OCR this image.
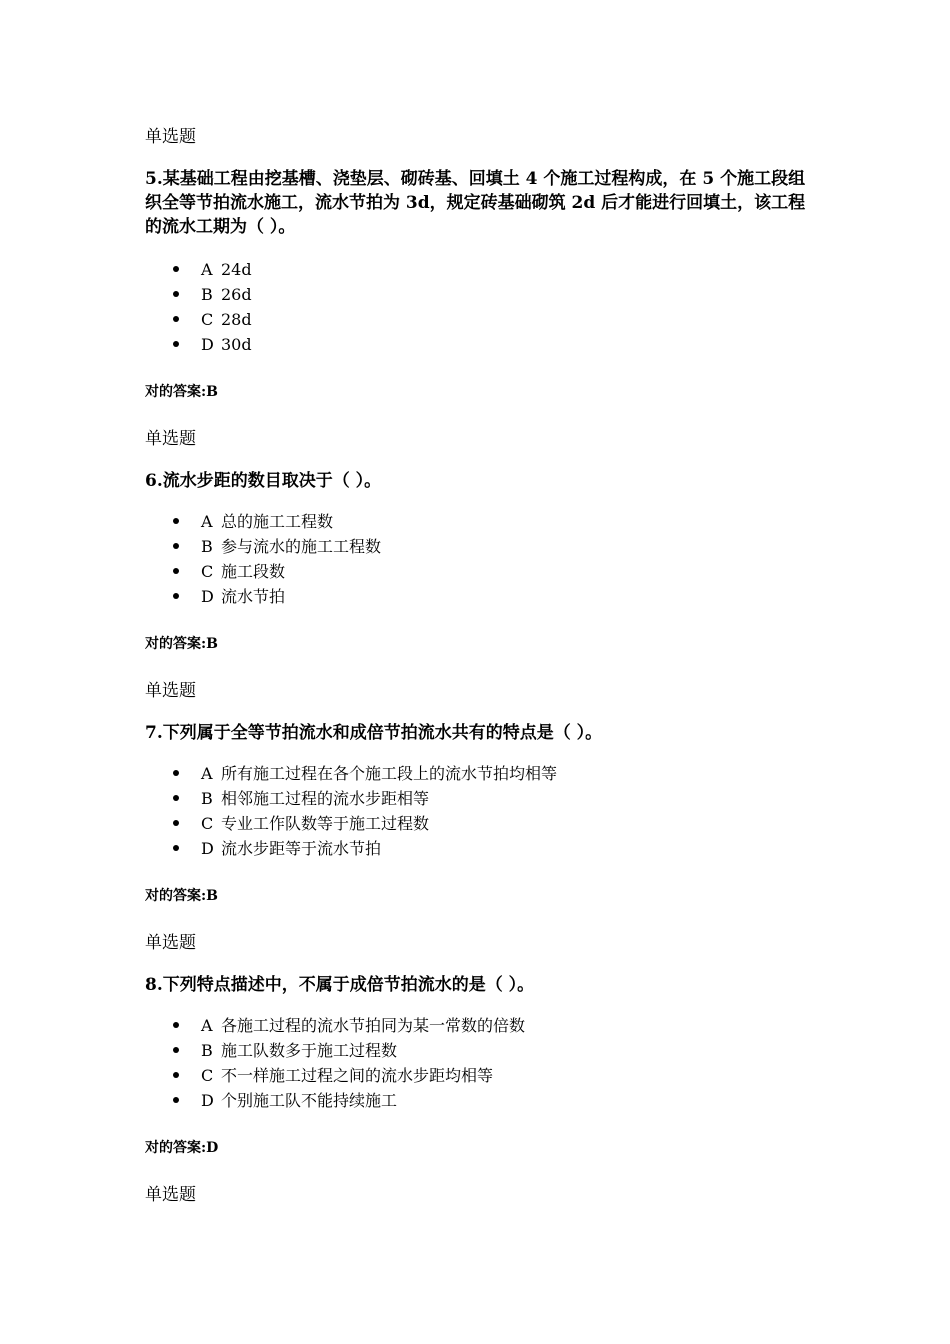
单选题
5.某基础工程由挖基槽、浇垫层、砌砖基、回填土 4 个施工过程构成，在 5 个施工段组织全等节拍流水施工，流水节拍为 3d，规定砖基础砌筑 2d 后才能进行回填土，该工程的流水工期为（ ）。
A 24d
B 26d
C 28d
D 30d
对的答案:B
单选题
6.流水步距的数目取决于（ ）。
A 总的施工工程数
B 参与流水的施工工程数
C 施工段数
D 流水节拍
对的答案:B
单选题
7.下列属于全等节拍流水和成倍节拍流水共有的特点是（ ）。
A 所有施工过程在各个施工段上的流水节拍均相等
B 相邻施工过程的流水步距相等
C 专业工作队数等于施工过程数
D 流水步距等于流水节拍
对的答案:B
单选题
8.下列特点描述中，不属于成倍节拍流水的是（ ）。
A 各施工过程的流水节拍同为某一常数的倍数
B 施工队数多于施工过程数
C 不一样施工过程之间的流水步距均相等
D 个别施工队不能持续施工
对的答案:D
单选题
